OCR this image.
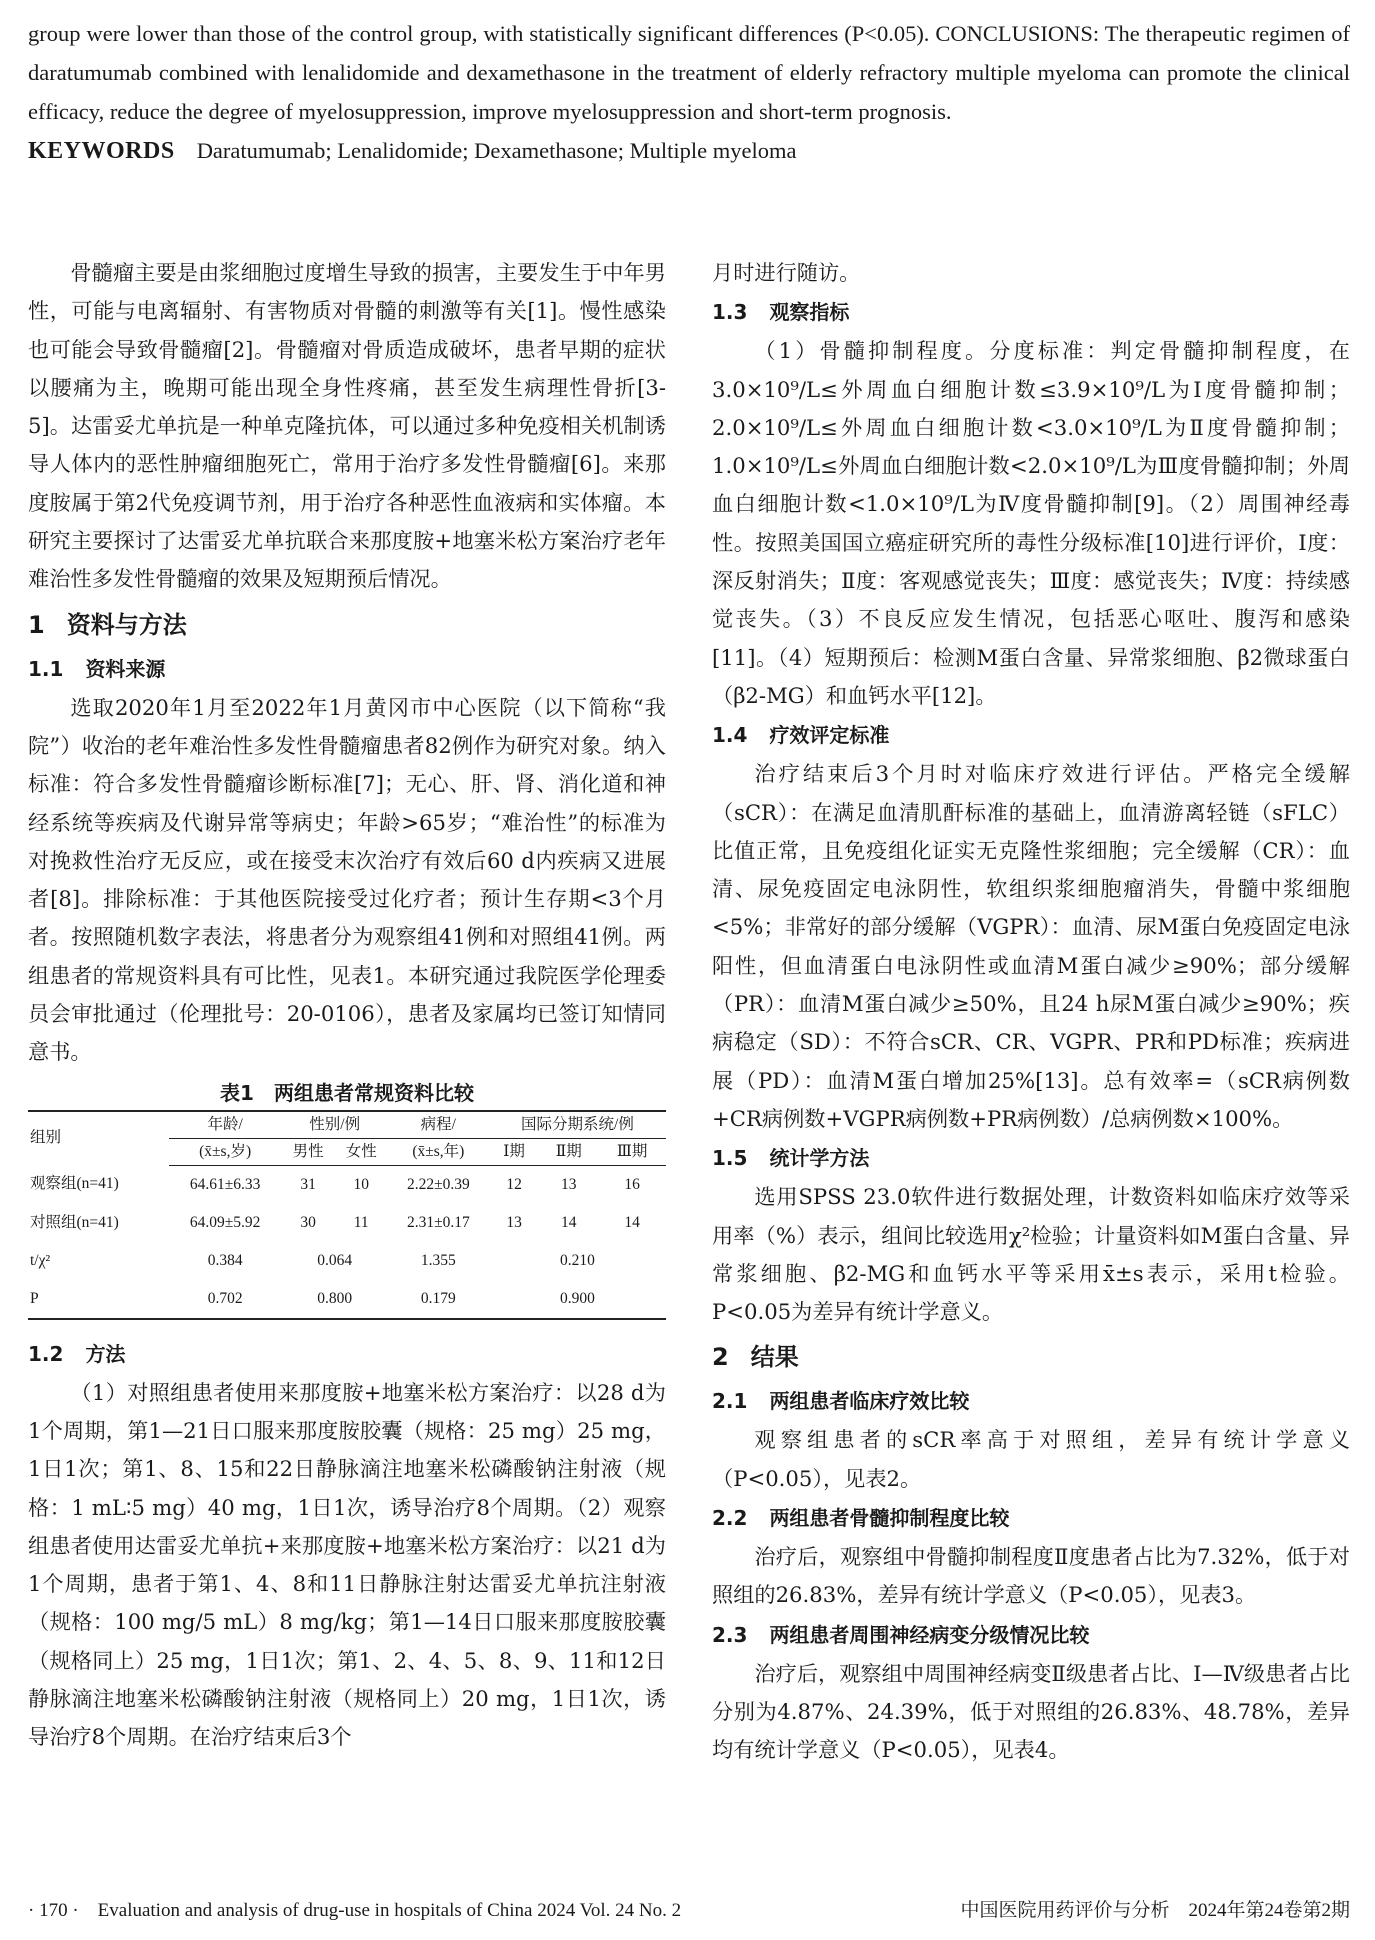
group were lower than those of the control group, with statistically significant differences (P<0.05). CONCLUSIONS: The therapeutic regimen of daratumumab combined with lenalidomide and dexamethasone in the treatment of elderly refractory multiple myeloma can promote the clinical efficacy, reduce the degree of myelosuppression, improve myelosuppression and short-term prognosis.

KEYWORDS Daratumumab; Lenalidomide; Dexamethasone; Multiple myeloma

骨髓瘤主要是由浆细胞过度增生导致的损害，主要发生于中年男性，可能与电离辐射、有害物质对骨髓的刺激等有关[1]。慢性感染也可能会导致骨髓瘤[2]。骨髓瘤对骨质造成破坏，患者早期的症状以腰痛为主，晚期可能出现全身性疼痛，甚至发生病理性骨折[3-5]。达雷妥尤单抗是一种单克隆抗体，可以通过多种免疫相关机制诱导人体内的恶性肿瘤细胞死亡，常用于治疗多发性骨髓瘤[6]。来那度胺属于第2代免疫调节剂，用于治疗各种恶性血液病和实体瘤。本研究主要探讨了达雷妥尤单抗联合来那度胺+地塞米松方案治疗老年难治性多发性骨髓瘤的效果及短期预后情况。

1 资料与方法
1.1 资料来源

选取2020年1月至2022年1月黄冈市中心医院（以下简称“我院”）收治的老年难治性多发性骨髓瘤患者82例作为研究对象。纳入标准：符合多发性骨髓瘤诊断标准[7]；无心、肝、肾、消化道和神经系统等疾病及代谢异常等病史；年龄>65岁；“难治性”的标准为对挽救性治疗无反应，或在接受末次治疗有效后60 d内疾病又进展者[8]。排除标准：于其他医院接受过化疗者；预计生存期<3个月者。按照随机数字表法，将患者分为观察组41例和对照组41例。两组患者的常规资料具有可比性，见表1。本研究通过我院医学伦理委员会审批通过（伦理批号：20-0106），患者及家属均已签订知情同意书。

表1　两组患者常规资料比较
组别	年龄/	性别/例		病程/	国际分期系统/例		
	(x̄±s,岁)	男性	女性	(x̄±s,年)	Ⅰ期	Ⅱ期	Ⅲ期
观察组(n=41)	64.61±6.33	31	10	2.22±0.39	12	13	16
对照组(n=41)	64.09±5.92	30	11	2.31±0.17	13	14	14
t/χ²	0.384	0.064		1.355	0.210		
P	0.702	0.800		0.179	0.900		
1.2 方法

（1）对照组患者使用来那度胺+地塞米松方案治疗：以28 d为1个周期，第1—21日口服来那度胺胶囊（规格：25 mg）25 mg，1日1次；第1、8、15和22日静脉滴注地塞米松磷酸钠注射液（规格：1 mL∶5 mg）40 mg，1日1次，诱导治疗8个周期。（2）观察组患者使用达雷妥尤单抗+来那度胺+地塞米松方案治疗：以21 d为1个周期，患者于第1、4、8和11日静脉注射达雷妥尤单抗注射液（规格：100 mg/5 mL）8 mg/kg；第1—14日口服来那度胺胶囊（规格同上）25 mg，1日1次；第1、2、4、5、8、9、11和12日静脉滴注地塞米松磷酸钠注射液（规格同上）20 mg，1日1次，诱导治疗8个周期。在治疗结束后3个

月时进行随访。

1.3 观察指标

（1）骨髓抑制程度。分度标准：判定骨髓抑制程度，在3.0×10⁹/L≤外周血白细胞计数≤3.9×10⁹/L为Ⅰ度骨髓抑制；2.0×10⁹/L≤外周血白细胞计数<3.0×10⁹/L为Ⅱ度骨髓抑制；1.0×10⁹/L≤外周血白细胞计数<2.0×10⁹/L为Ⅲ度骨髓抑制；外周血白细胞计数<1.0×10⁹/L为Ⅳ度骨髓抑制[9]。（2）周围神经毒性。按照美国国立癌症研究所的毒性分级标准[10]进行评价，Ⅰ度：深反射消失；Ⅱ度：客观感觉丧失；Ⅲ度：感觉丧失；Ⅳ度：持续感觉丧失。（3）不良反应发生情况，包括恶心呕吐、腹泻和感染[11]。（4）短期预后：检测M蛋白含量、异常浆细胞、β2微球蛋白（β2-MG）和血钙水平[12]。

1.4 疗效评定标准

治疗结束后3个月时对临床疗效进行评估。严格完全缓解（sCR）：在满足血清肌酐标准的基础上，血清游离轻链（sFLC）比值正常，且免疫组化证实无克隆性浆细胞；完全缓解（CR）：血清、尿免疫固定电泳阴性，软组织浆细胞瘤消失，骨髓中浆细胞<5%；非常好的部分缓解（VGPR）：血清、尿M蛋白免疫固定电泳阳性，但血清蛋白电泳阴性或血清M蛋白减少≥90%；部分缓解（PR）：血清M蛋白减少≥50%，且24 h尿M蛋白减少≥90%；疾病稳定（SD）：不符合sCR、CR、VGPR、PR和PD标准；疾病进展（PD）：血清M蛋白增加25%[13]。总有效率=（sCR病例数+CR病例数+VGPR病例数+PR病例数）/总病例数×100%。

1.5 统计学方法

选用SPSS 23.0软件进行数据处理，计数资料如临床疗效等采用率（%）表示，组间比较选用χ²检验；计量资料如M蛋白含量、异常浆细胞、β2-MG和血钙水平等采用x̄±s表示，采用t检验。P<0.05为差异有统计学意义。

2 结果
2.1 两组患者临床疗效比较

观察组患者的sCR率高于对照组，差异有统计学意义（P<0.05），见表2。

2.2 两组患者骨髓抑制程度比较

治疗后，观察组中骨髓抑制程度Ⅱ度患者占比为7.32%，低于对照组的26.83%，差异有统计学意义（P<0.05），见表3。

2.3 两组患者周围神经病变分级情况比较

治疗后，观察组中周围神经病变Ⅱ级患者占比、Ⅰ—Ⅳ级患者占比分别为4.87%、24.39%，低于对照组的26.83%、48.78%，差异均有统计学意义（P<0.05），见表4。

· 170 ·　Evaluation and analysis of drug-use in hospitals of China 2024 Vol. 24 No. 2	中国医院用药评价与分析　2024年第24卷第2期
